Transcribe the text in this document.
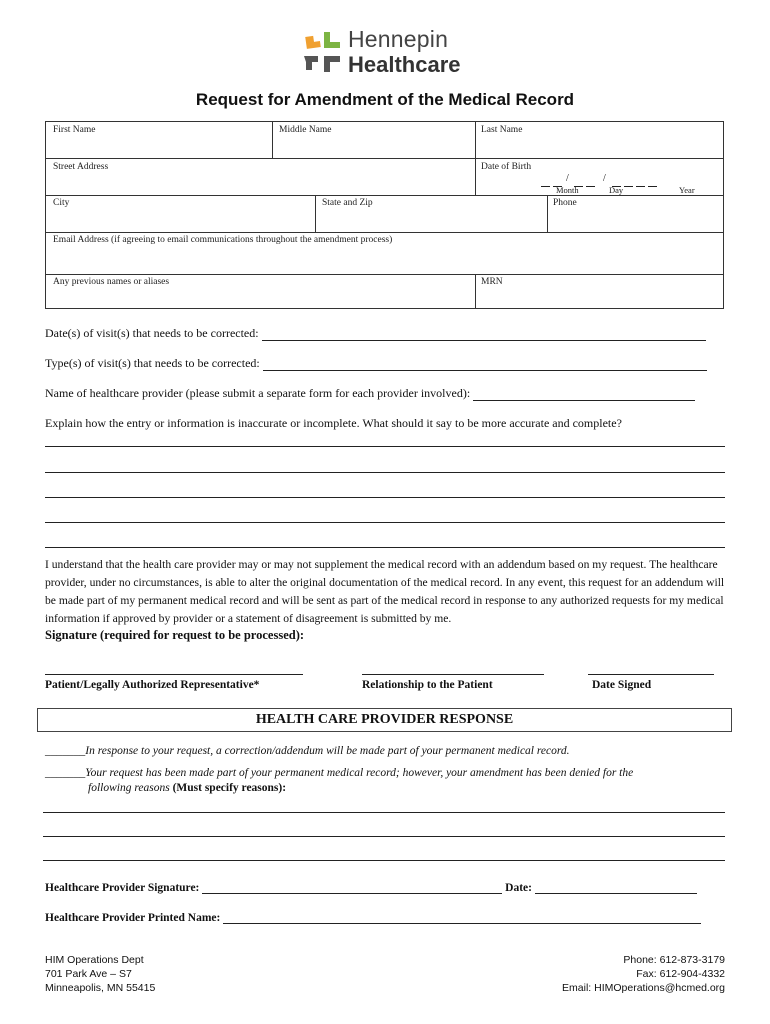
Hennepin
Healthcare
Request for Amendment of the Medical Record
First Name	Middle Name	Last Name
Street Address	Date of Birth
/	/
Month	Day	Year
City	State and Zip	Phone
Email Address (if agreeing to email communications throughout the amendment process)
Any previous names or aliases	MRN
Date(s) of visit(s) that needs to be corrected:
Type(s) of visit(s) that needs to be corrected:
Name of healthcare provider (please submit a separate form for each provider involved):
Explain how the entry or information is inaccurate or incomplete. What should it say to be more accurate and complete?
I understand that the health care provider may or may not supplement the medical record with an addendum based on my request. The healthcare provider, under no circumstances, is able to alter the original documentation of the medical record. In any event, this request for an addendum will be made part of my permanent medical record and will be sent as part of the medical record in response to any authorized requests for my medical information if approved by provider or a statement of disagreement is submitted by me.
Signature (required for request to be processed):
Patient/Legally Authorized Representative*	Relationship to the Patient	Date Signed
HEALTH CARE PROVIDER RESPONSE
_______In response to your request, a correction/addendum will be made part of your permanent medical record.
_______Your request has been made part of your permanent medical record; however, your amendment has been denied for the
following reasons (Must specify reasons):
Healthcare Provider Signature:	Date:
Healthcare Provider Printed Name:
HIM Operations Dept
701 Park Ave – S7
Minneapolis, MN 55415
Phone: 612-873-3179
Fax: 612-904-4332
Email: HIMOperations@hcmed.org
